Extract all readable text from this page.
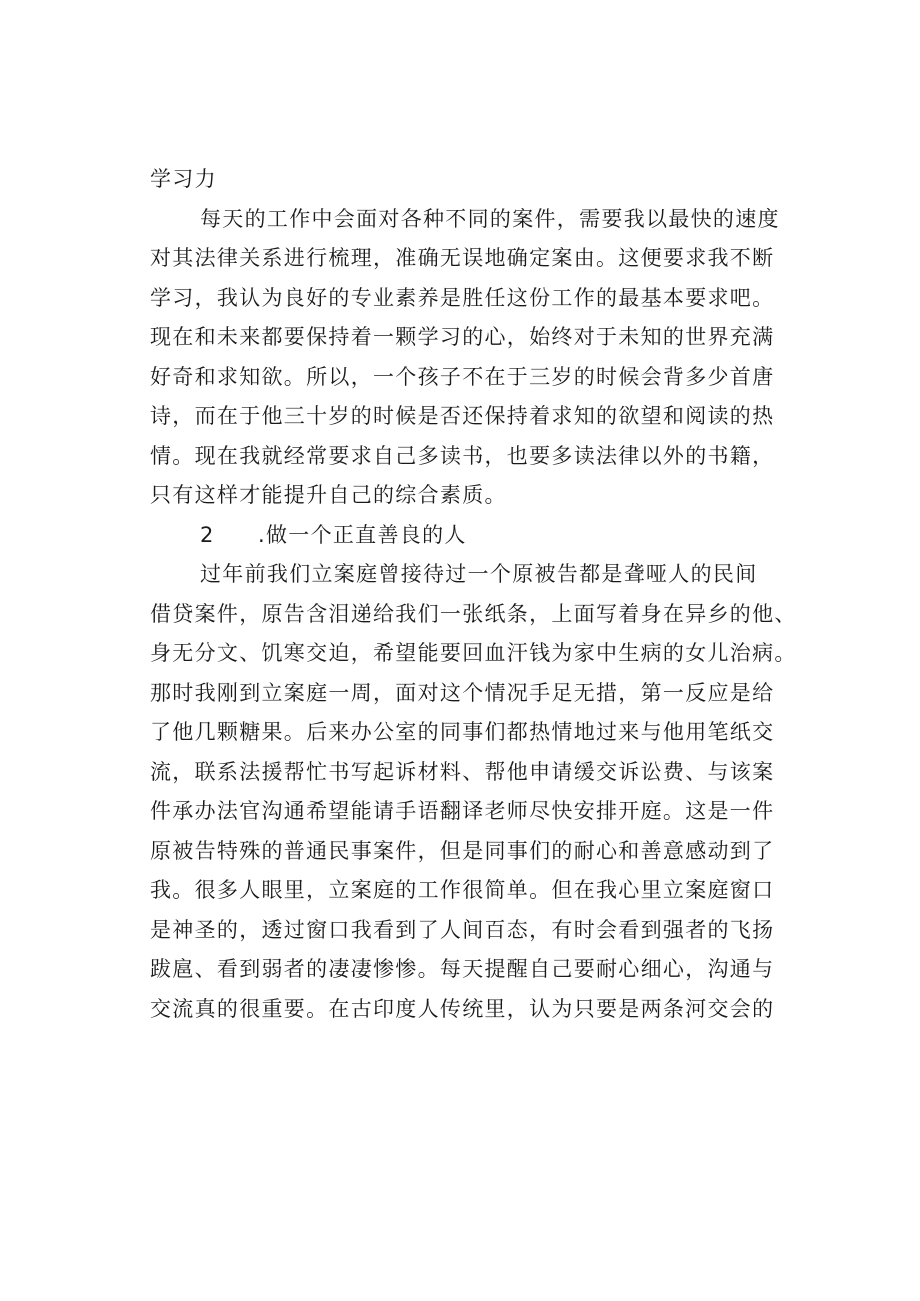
学习力
每天的工作中会面对各种不同的案件，需要我以最快的速度
对其法律关系进行梳理，准确无误地确定案由。这便要求我不断
学习，我认为良好的专业素养是胜任这份工作的最基本要求吧。
现在和未来都要保持着一颗学习的心，始终对于未知的世界充满
好奇和求知欲。所以，一个孩子不在于三岁的时候会背多少首唐
诗，而在于他三十岁的时候是否还保持着求知的欲望和阅读的热
情。现在我就经常要求自己多读书，也要多读法律以外的书籍，
只有这样才能提升自己的综合素质。
2 .做一个正直善良的人
过年前我们立案庭曾接待过一个原被告都是聋哑人的民间
借贷案件，原告含泪递给我们一张纸条，上面写着身在异乡的他、
身无分文、饥寒交迫，希望能要回血汗钱为家中生病的女儿治病。
那时我刚到立案庭一周，面对这个情况手足无措，第一反应是给
了他几颗糖果。后来办公室的同事们都热情地过来与他用笔纸交
流，联系法援帮忙书写起诉材料、帮他申请缓交诉讼费、与该案
件承办法官沟通希望能请手语翻译老师尽快安排开庭。这是一件
原被告特殊的普通民事案件，但是同事们的耐心和善意感动到了
我。很多人眼里，立案庭的工作很简单。但在我心里立案庭窗口
是神圣的，透过窗口我看到了人间百态，有时会看到强者的飞扬
跋扈、看到弱者的凄凄惨惨。每天提醒自己要耐心细心，沟通与
交流真的很重要。在古印度人传统里，认为只要是两条河交会的
